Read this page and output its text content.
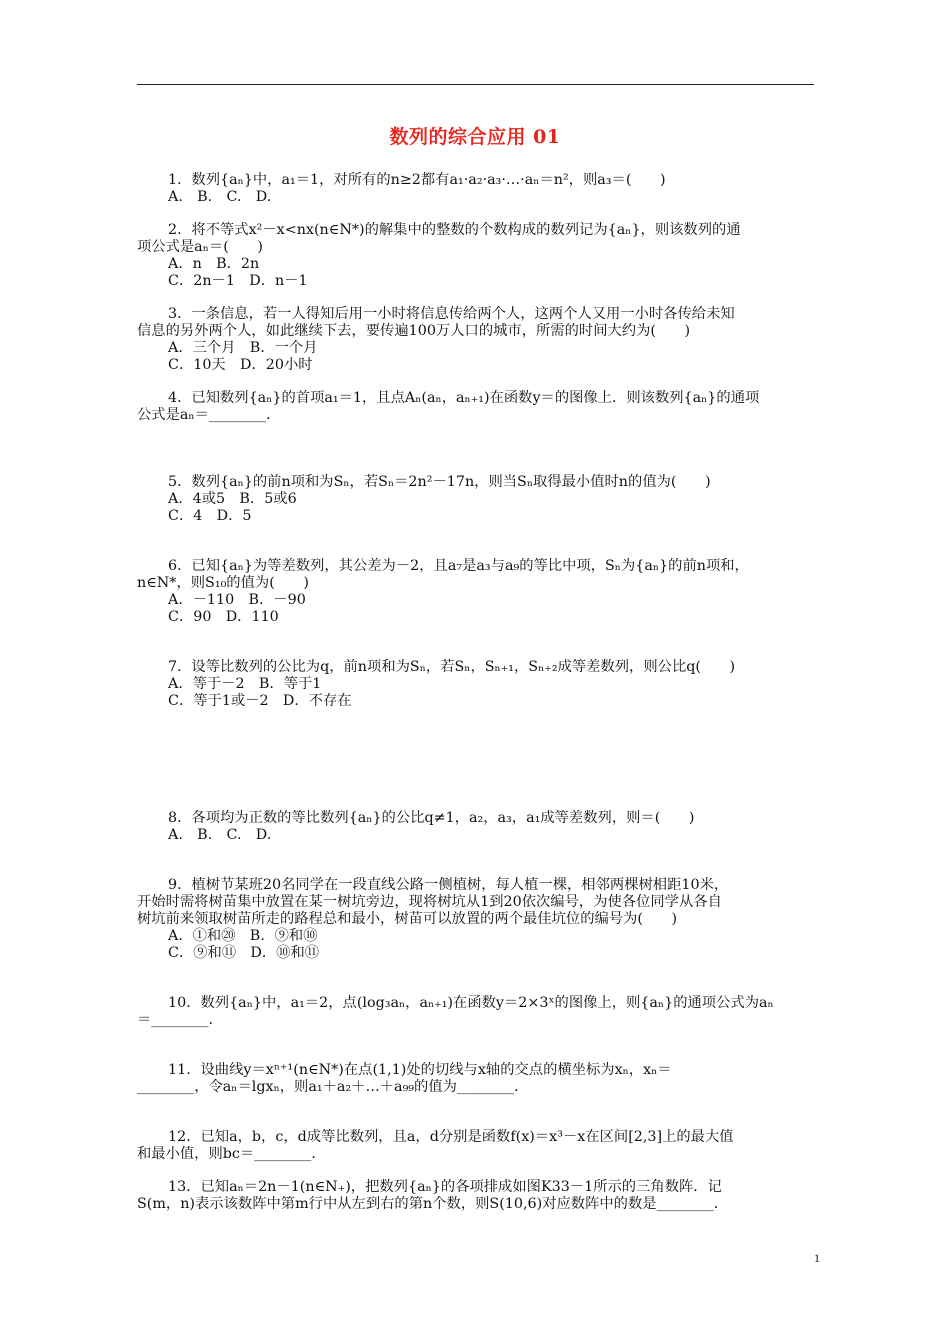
数列的综合应用 01
1．数列{aₙ}中，a₁＝1，对所有的n≥2都有a₁·a₂·a₃·…·aₙ＝n²，则a₃＝(　　)
A.　B.　C.　D.
2．将不等式x²－x<nx(n∈N*)的解集中的整数的个数构成的数列记为{aₙ}，则该数列的通
项公式是aₙ＝(　　)
A．n　B．2n
C．2n－1　D．n－1
3．一条信息，若一人得知后用一小时将信息传给两个人，这两个人又用一小时各传给未知
信息的另外两个人，如此继续下去，要传遍100万人口的城市，所需的时间大约为(　　)
A．三个月　B．一个月
C．10天　D．20小时
4．已知数列{aₙ}的首项a₁＝1，且点Aₙ(aₙ，aₙ₊₁)在函数y＝的图像上．则该数列{aₙ}的通项
公式是aₙ＝________．
5．数列{aₙ}的前n项和为Sₙ，若Sₙ＝2n²－17n，则当Sₙ取得最小值时n的值为(　　)
A．4或5　B．5或6
C．4　D．5
6．已知{aₙ}为等差数列，其公差为－2，且a₇是a₃与a₉的等比中项，Sₙ为{aₙ}的前n项和，
n∈N*，则S₁₀的值为(　　)
A．－110　B．－90
C．90　D．110
7．设等比数列的公比为q，前n项和为Sₙ，若Sₙ，Sₙ₊₁，Sₙ₊₂成等差数列，则公比q(　　)
A．等于－2　B．等于1
C．等于1或－2　D．不存在
8．各项均为正数的等比数列{aₙ}的公比q≠1，a₂，a₃，a₁成等差数列，则＝(　　)
A.　B.　C.　D.
9．植树节某班20名同学在一段直线公路一侧植树，每人植一棵，相邻两棵树相距10米，
开始时需将树苗集中放置在某一树坑旁边，现将树坑从1到20依次编号，为使各位同学从各自
树坑前来领取树苗所走的路程总和最小，树苗可以放置的两个最佳坑位的编号为(　　)
A．①和⑳　B．⑨和⑩
C．⑨和⑪　D．⑩和⑪
10．数列{aₙ}中，a₁＝2，点(log₃aₙ，aₙ₊₁)在函数y＝2×3ˣ的图像上，则{aₙ}的通项公式为aₙ
＝________．
11．设曲线y＝xⁿ⁺¹(n∈N*)在点(1,1)处的切线与x轴的交点的横坐标为xₙ，xₙ＝
________，令aₙ＝lgxₙ，则a₁＋a₂＋…＋a₉₉的值为________．
12．已知a，b，c，d成等比数列，且a，d分别是函数f(x)＝x³－x在区间[2,3]上的最大值
和最小值，则bc＝________．
13．已知aₙ＝2n－1(n∈N₊)，把数列{aₙ}的各项排成如图K33－1所示的三角数阵．记
S(m，n)表示该数阵中第m行中从左到右的第n个数，则S(10,6)对应数阵中的数是________．
1
